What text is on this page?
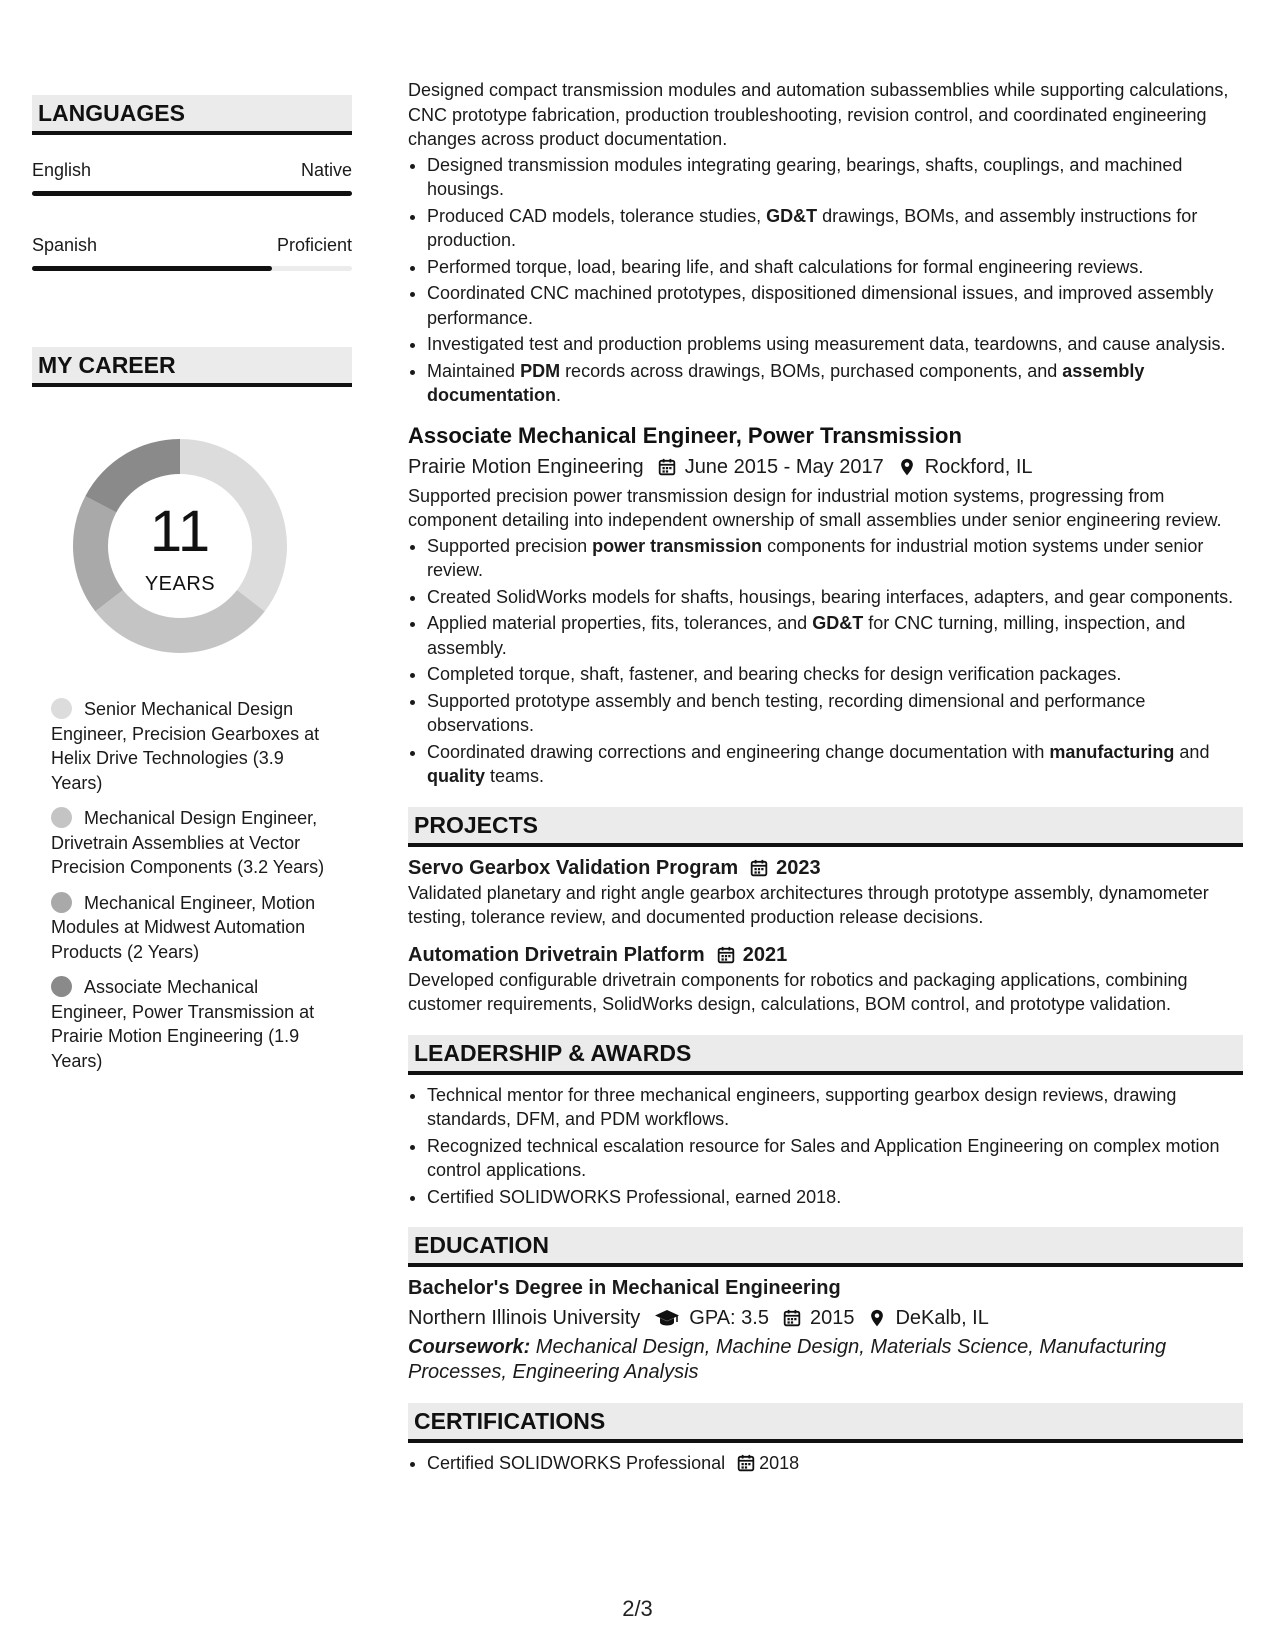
LANGUAGES
English	Native
Spanish	Proficient
MY CAREER
11
YEARS
Senior Mechanical Design Engineer, Precision Gearboxes at Helix Drive Technologies (3.9 Years)
Mechanical Design Engineer, Drivetrain Assemblies at Vector Precision Components (3.2 Years)
Mechanical Engineer, Motion Modules at Midwest Automation Products (2 Years)
Associate Mechanical Engineer, Power Transmission at Prairie Motion Engineering (1.9 Years)

Designed compact transmission modules and automation subassemblies while supporting calculations, CNC prototype fabrication, production troubleshooting, revision control, and coordinated engineering changes across product documentation.

• Designed transmission modules integrating gearing, bearings, shafts, couplings, and machined housings.
• Produced CAD models, tolerance studies, GD&T drawings, BOMs, and assembly instructions for production.
• Performed torque, load, bearing life, and shaft calculations for formal engineering reviews.
• Coordinated CNC machined prototypes, dispositioned dimensional issues, and improved assembly performance.
• Investigated test and production problems using measurement data, teardowns, and cause analysis.
• Maintained PDM records across drawings, BOMs, purchased components, and assembly documentation.
Associate Mechanical Engineer, Power Transmission
Prairie Motion Engineering June 2015 - May 2017 Rockford, IL

Supported precision power transmission design for industrial motion systems, progressing from component detailing into independent ownership of small assemblies under senior engineering review.

• Supported precision power transmission components for industrial motion systems under senior review.
• Created SolidWorks models for shafts, housings, bearing interfaces, adapters, and gear components.
• Applied material properties, fits, tolerances, and GD&T for CNC turning, milling, inspection, and assembly.
• Completed torque, shaft, fastener, and bearing checks for design verification packages.
• Supported prototype assembly and bench testing, recording dimensional and performance observations.
• Coordinated drawing corrections and engineering change documentation with manufacturing and quality teams.
PROJECTS
Servo Gearbox Validation Program 2023

Validated planetary and right angle gearbox architectures through prototype assembly, dynamometer testing, tolerance review, and documented production release decisions.

Automation Drivetrain Platform 2021

Developed configurable drivetrain components for robotics and packaging applications, combining customer requirements, SolidWorks design, calculations, BOM control, and prototype validation.

LEADERSHIP & AWARDS
• Technical mentor for three mechanical engineers, supporting gearbox design reviews, drawing standards, DFM, and PDM workflows.
• Recognized technical escalation resource for Sales and Application Engineering on complex motion control applications.
• Certified SOLIDWORKS Professional, earned 2018.
EDUCATION
Bachelor's Degree in Mechanical Engineering
Northern Illinois University GPA: 3.5 2015 DeKalb, IL

Coursework: Mechanical Design, Machine Design, Materials Science, Manufacturing Processes, Engineering Analysis

CERTIFICATIONS
• Certified SOLIDWORKS Professional 2018
2/3
